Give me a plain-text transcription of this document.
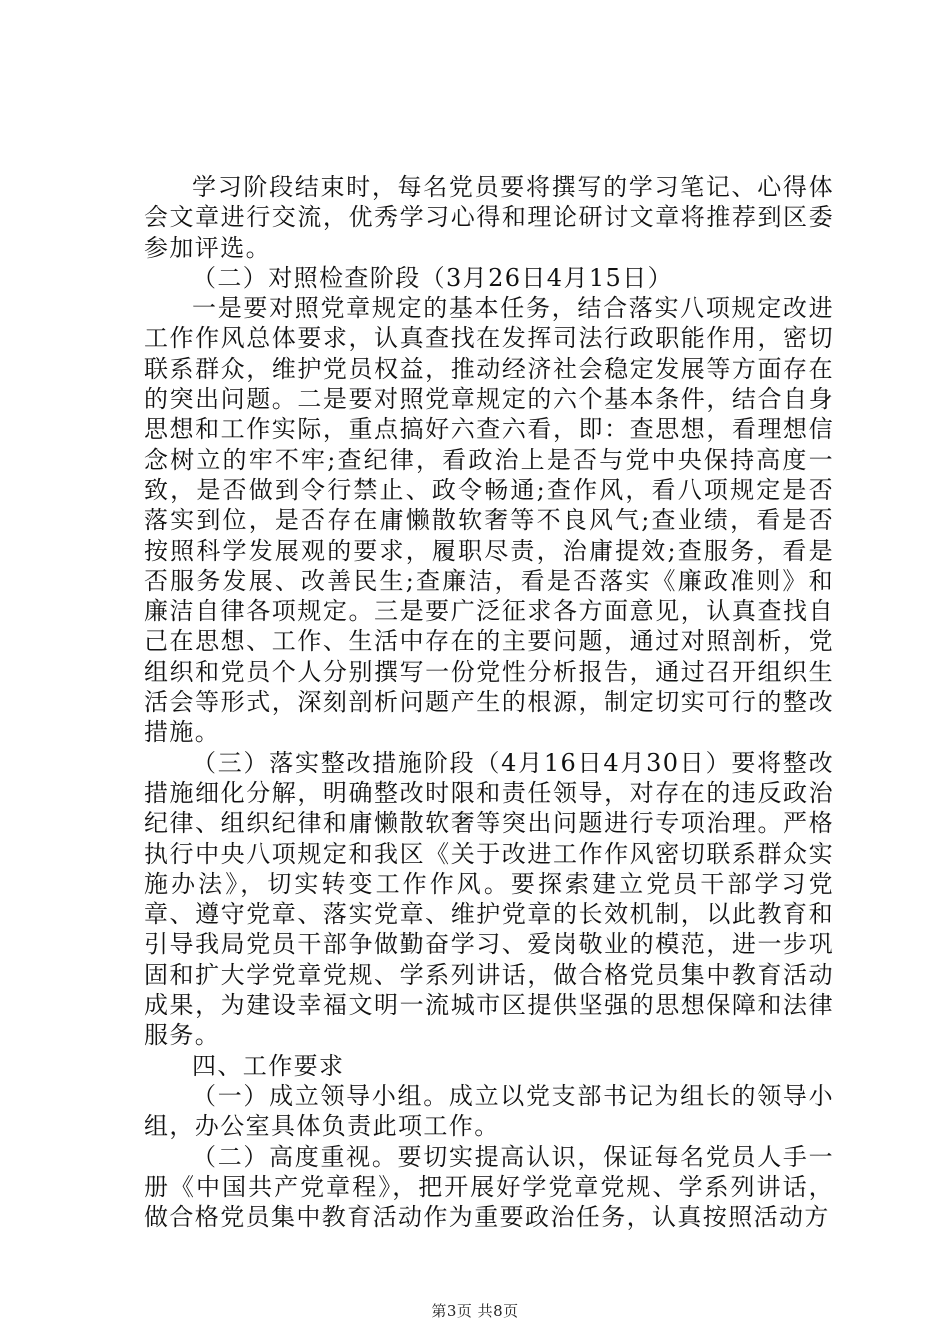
学习阶段结束时，每名党员要将撰写的学习笔记、心得体会文章进行交流，优秀学习心得和理论研讨文章将推荐到区委参加评选。

（二）对照检查阶段（3月26日4月15日）

一是要对照党章规定的基本任务，结合落实八项规定改进工作作风总体要求，认真查找在发挥司法行政职能作用，密切联系群众，维护党员权益，推动经济社会稳定发展等方面存在的突出问题。二是要对照党章规定的六个基本条件，结合自身思想和工作实际，重点搞好六查六看，即：查思想，看理想信念树立的牢不牢;查纪律，看政治上是否与党中央保持高度一致，是否做到令行禁止、政令畅通;查作风，看八项规定是否落实到位，是否存在庸懒散软奢等不良风气;查业绩，看是否按照科学发展观的要求，履职尽责，治庸提效;查服务，看是否服务发展、改善民生;查廉洁，看是否落实《廉政准则》和廉洁自律各项规定。三是要广泛征求各方面意见，认真查找自己在思想、工作、生活中存在的主要问题，通过对照剖析，党组织和党员个人分别撰写一份党性分析报告，通过召开组织生活会等形式，深刻剖析问题产生的根源，制定切实可行的整改措施。

（三）落实整改措施阶段（4月16日4月30日）要将整改措施细化分解，明确整改时限和责任领导，对存在的违反政治纪律、组织纪律和庸懒散软奢等突出问题进行专项治理。严格执行中央八项规定和我区《关于改进工作作风密切联系群众实施办法》，切实转变工作作风。要探索建立党员干部学习党章、遵守党章、落实党章、维护党章的长效机制，以此教育和引导我局党员干部争做勤奋学习、爱岗敬业的模范，进一步巩固和扩大学党章党规、学系列讲话，做合格党员集中教育活动成果，为建设幸福文明一流城市区提供坚强的思想保障和法律服务。

四、工作要求

（一）成立领导小组。成立以党支部书记为组长的领导小组，办公室具体负责此项工作。

（二）高度重视。要切实提高认识，保证每名党员人手一册《中国共产党章程》，把开展好学党章党规、学系列讲话，做合格党员集中教育活动作为重要政治任务，认真按照活动方

第3页 共8页
